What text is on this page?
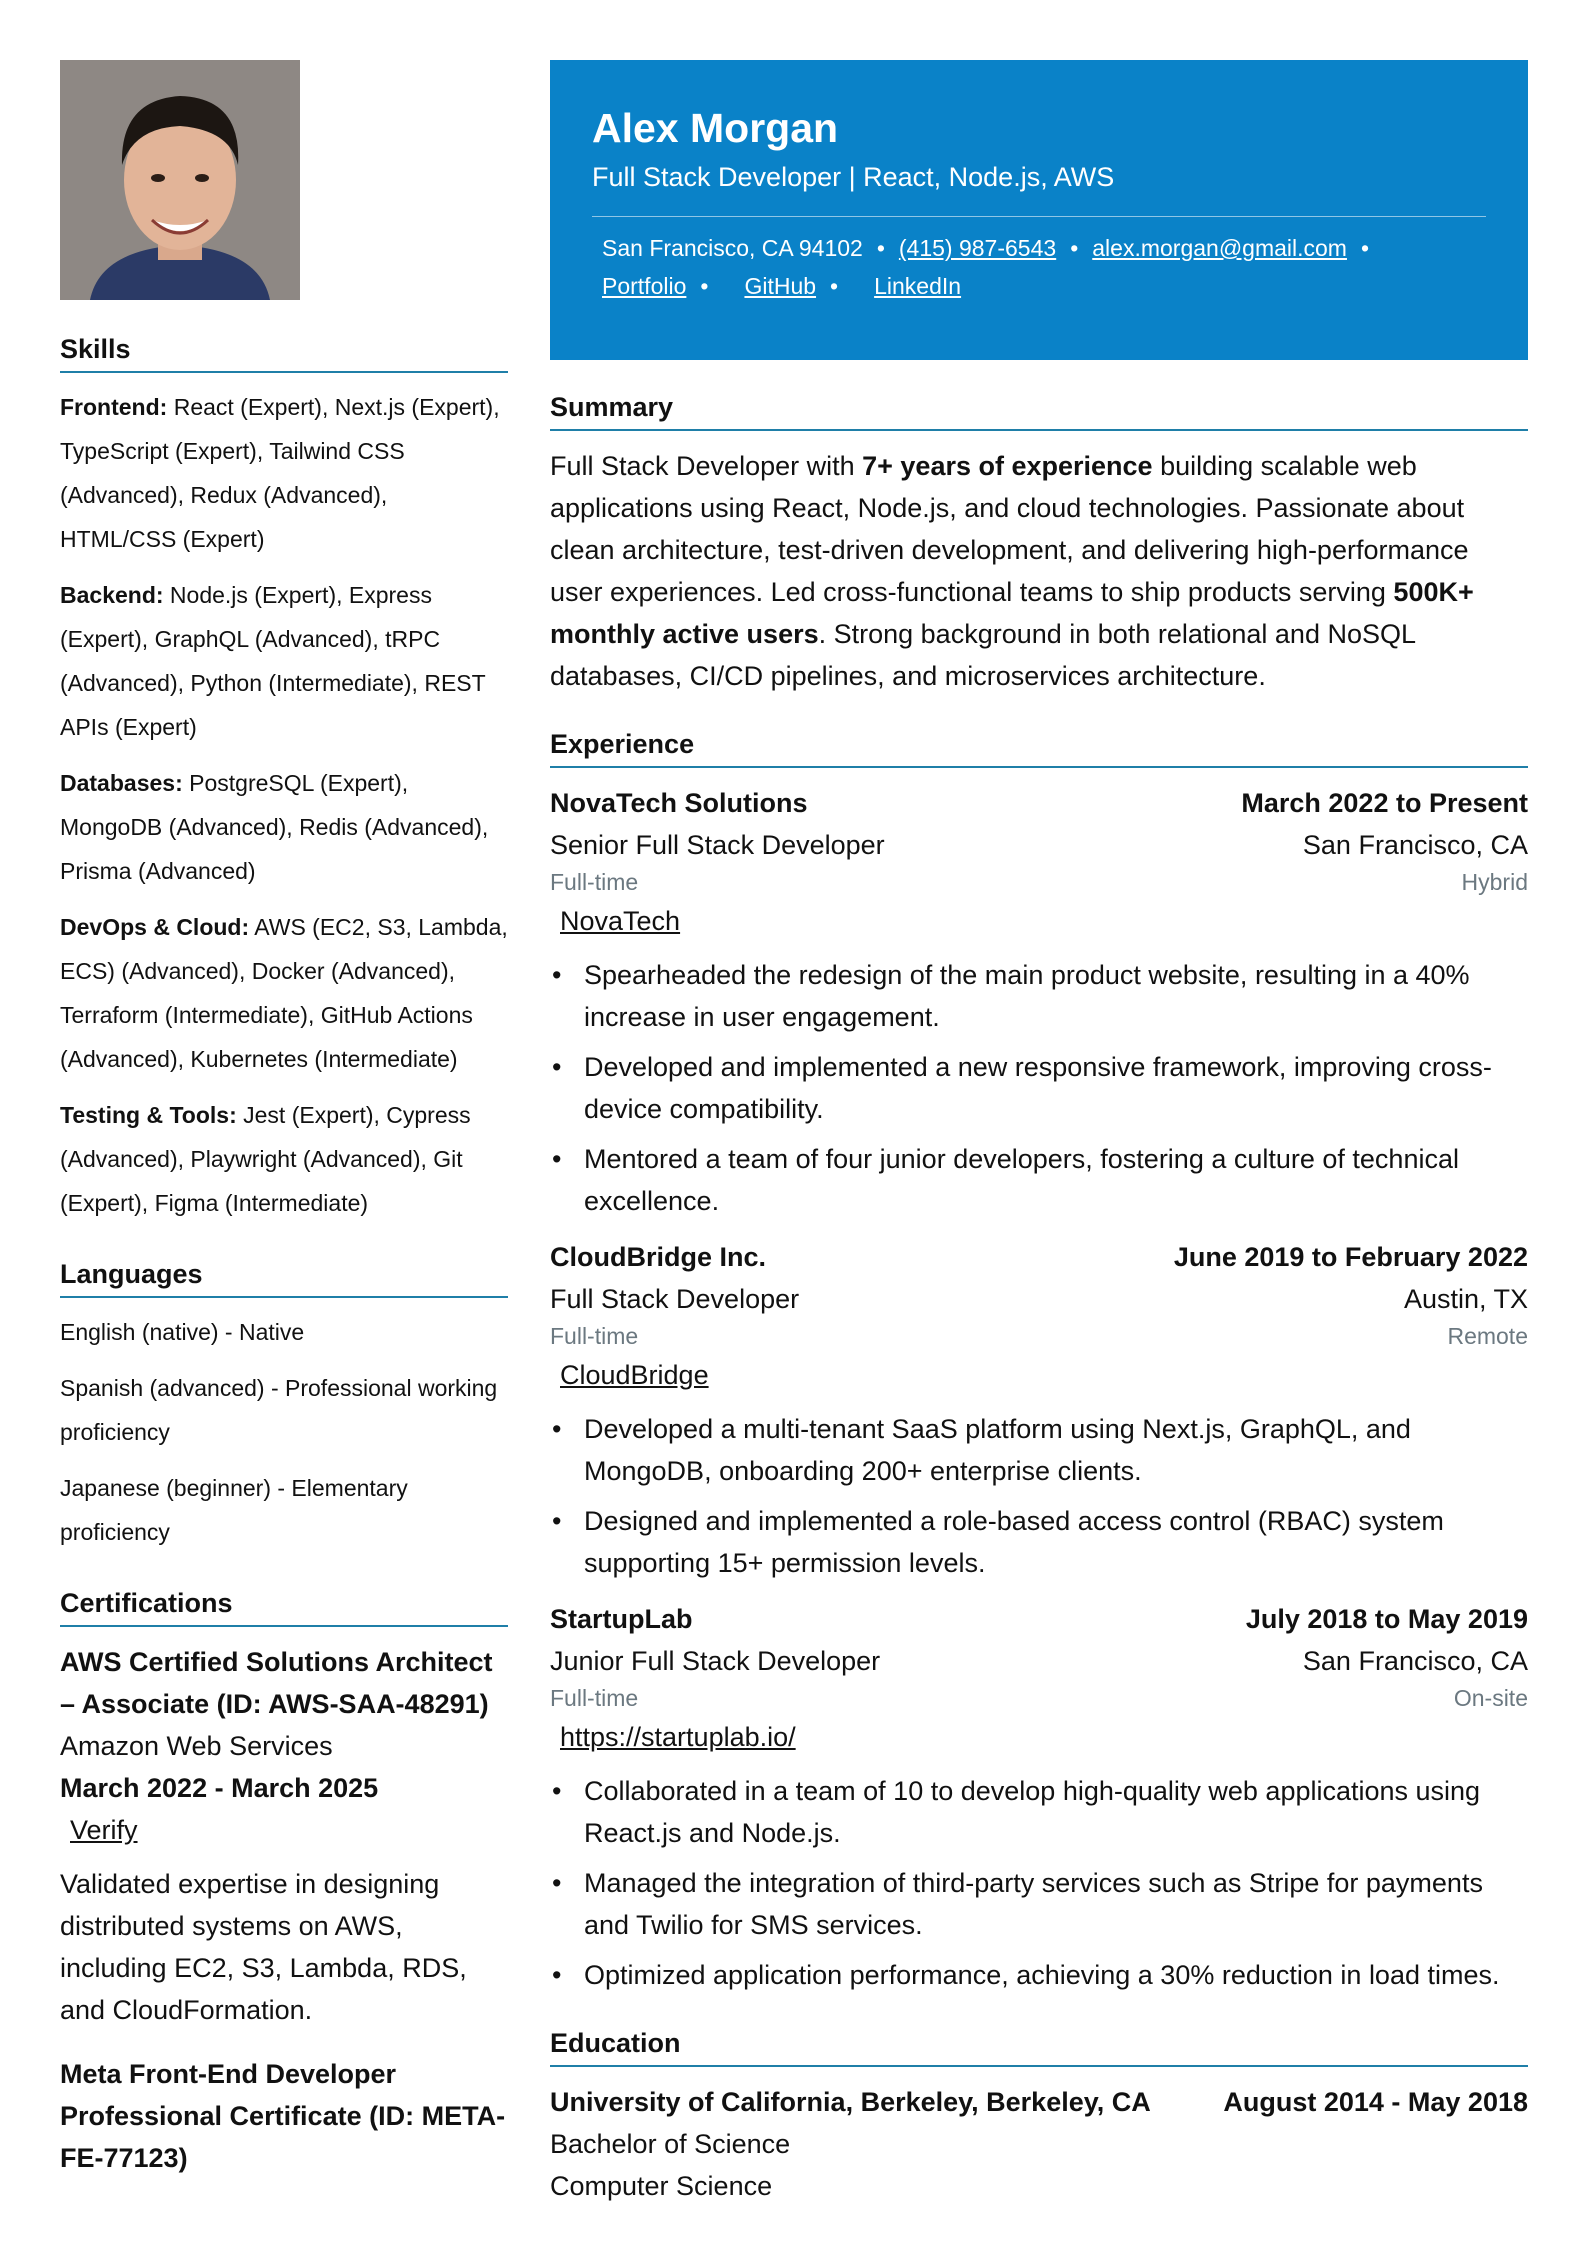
Skills
Frontend: React (Expert), Next.js (Expert), TypeScript (Expert), Tailwind CSS (Advanced), Redux (Advanced), HTML/CSS (Expert)
Backend: Node.js (Expert), Express (Expert), GraphQL (Advanced), tRPC (Advanced), Python (Intermediate), REST APIs (Expert)
Databases: PostgreSQL (Expert), MongoDB (Advanced), Redis (Advanced), Prisma (Advanced)
DevOps & Cloud: AWS (EC2, S3, Lambda, ECS) (Advanced), Docker (Advanced), Terraform (Intermediate), GitHub Actions (Advanced), Kubernetes (Intermediate)
Testing & Tools: Jest (Expert), Cypress (Advanced), Playwright (Advanced), Git (Expert), Figma (Intermediate)
Languages
English (native) - Native
Spanish (advanced) - Professional working proficiency
Japanese (beginner) - Elementary proficiency
Certifications
AWS Certified Solutions Architect – Associate (ID: AWS-SAA-48291)
Amazon Web Services
March 2022 - March 2025
Verify
Validated expertise in designing distributed systems on AWS, including EC2, S3, Lambda, RDS, and CloudFormation.
Meta Front-End Developer Professional Certificate (ID: META-FE-77123)
Alex Morgan
Full Stack Developer | React, Node.js, AWS
San Francisco, CA 94102 • (415) 987-6543 • alex.morgan@gmail.com •
Portfolio • GitHub • LinkedIn
Summary
Full Stack Developer with 7+ years of experience building scalable web applications using React, Node.js, and cloud technologies. Passionate about clean architecture, test-driven development, and delivering high-performance user experiences. Led cross-functional teams to ship products serving 500K+ monthly active users. Strong background in both relational and NoSQL databases, CI/CD pipelines, and microservices architecture.
Experience
NovaTech Solutions	March 2022 to Present
Senior Full Stack Developer	San Francisco, CA
Full-time	Hybrid
NovaTech
• Spearheaded the redesign of the main product website, resulting in a 40% increase in user engagement.
• Developed and implemented a new responsive framework, improving cross-device compatibility.
• Mentored a team of four junior developers, fostering a culture of technical excellence.
CloudBridge Inc.	June 2019 to February 2022
Full Stack Developer	Austin, TX
Full-time	Remote
CloudBridge
• Developed a multi-tenant SaaS platform using Next.js, GraphQL, and MongoDB, onboarding 200+ enterprise clients.
• Designed and implemented a role-based access control (RBAC) system supporting 15+ permission levels.
StartupLab	July 2018 to May 2019
Junior Full Stack Developer	San Francisco, CA
Full-time	On-site
https://startuplab.io/
• Collaborated in a team of 10 to develop high-quality web applications using React.js and Node.js.
• Managed the integration of third-party services such as Stripe for payments and Twilio for SMS services.
• Optimized application performance, achieving a 30% reduction in load times.
Education
University of California, Berkeley, Berkeley, CA	August 2014 - May 2018
Bachelor of Science
Computer Science
